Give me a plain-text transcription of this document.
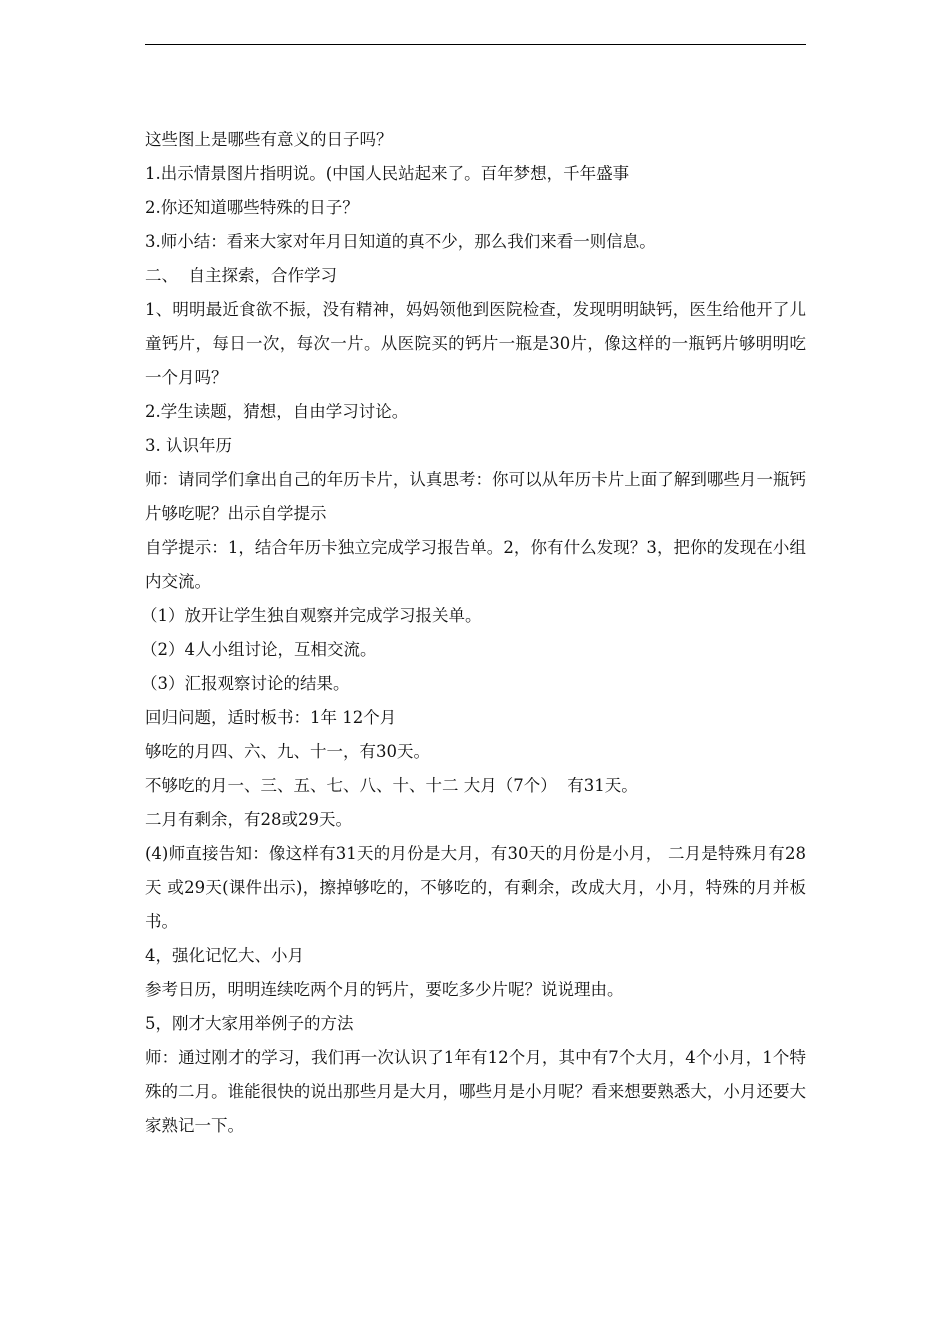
这些图上是哪些有意义的日子吗？

1.出示情景图片指明说。(中国人民站起来了。百年梦想，千年盛事

2.你还知道哪些特殊的日子？

3.师小结：看来大家对年月日知道的真不少，那么我们来看一则信息。

二、  自主探索，合作学习

1、明明最近食欲不振，没有精神，妈妈领他到医院检查，发现明明缺钙，医生给他开了儿童钙片，每日一次，每次一片。从医院买的钙片一瓶是30片，像这样的一瓶钙片够明明吃一个月吗？

2.学生读题，猜想，自由学习讨论。

3. 认识年历

师：请同学们拿出自己的年历卡片，认真思考：你可以从年历卡片上面了解到哪些月一瓶钙片够吃呢？出示自学提示

自学提示：1，结合年历卡独立完成学习报告单。2，你有什么发现？3，把你的发现在小组内交流。

（1）放开让学生独自观察并完成学习报关单。

（2）4人小组讨论，互相交流。

（3）汇报观察讨论的结果。

回归问题，适时板书：1年 12个月

够吃的月四、六、九、十一，有30天。

不够吃的月一、三、五、七、八、十、十二 大月（7个）  有31天。

二月有剩余，有28或29天。

(4)师直接告知：像这样有31天的月份是大月，有30天的月份是小月， 二月是特殊月有28天 或29天(课件出示)，擦掉够吃的，不够吃的，有剩余，改成大月，小月，特殊的月并板书。

4，强化记忆大、小月

参考日历，明明连续吃两个月的钙片，要吃多少片呢？说说理由。

5，刚才大家用举例子的方法

师：通过刚才的学习，我们再一次认识了1年有12个月，其中有7个大月，4个小月，1个特殊的二月。谁能很快的说出那些月是大月，哪些月是小月呢？看来想要熟悉大，小月还要大家熟记一下。
